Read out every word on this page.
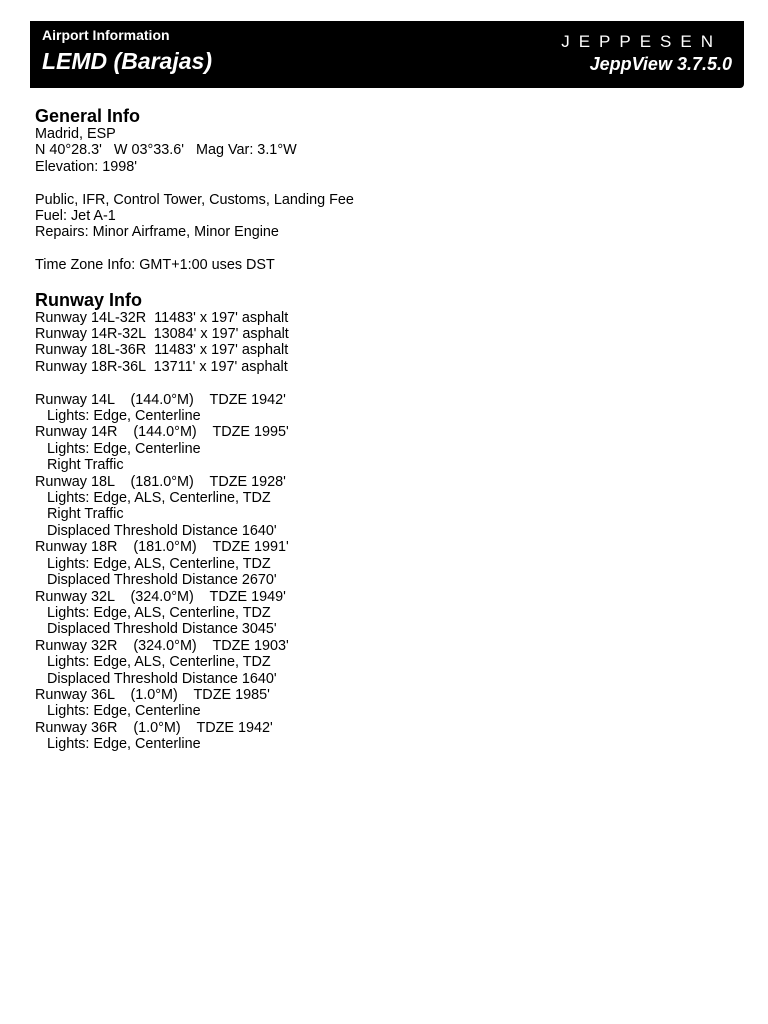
Airport Information
LEMD (Barajas)
JEPPESEN
JeppView 3.7.5.0
General Info
Madrid, ESP
N 40°28.3'   W 03°33.6'   Mag Var: 3.1°W
Elevation: 1998'
Public, IFR, Control Tower, Customs, Landing Fee
Fuel: Jet A-1
Repairs: Minor Airframe, Minor Engine
Time Zone Info: GMT+1:00 uses DST
Runway Info
Runway 14L-32R  11483' x 197' asphalt
Runway 14R-32L  13084' x 197' asphalt
Runway 18L-36R  11483' x 197' asphalt
Runway 18R-36L  13711' x 197' asphalt
Runway 14L    (144.0°M)    TDZE 1942'
Lights: Edge, Centerline
Runway 14R    (144.0°M)    TDZE 1995'
Lights: Edge, Centerline
Right Traffic
Runway 18L    (181.0°M)    TDZE 1928'
Lights: Edge, ALS, Centerline, TDZ
Right Traffic
Displaced Threshold Distance 1640'
Runway 18R    (181.0°M)    TDZE 1991'
Lights: Edge, ALS, Centerline, TDZ
Displaced Threshold Distance 2670'
Runway 32L    (324.0°M)    TDZE 1949'
Lights: Edge, ALS, Centerline, TDZ
Displaced Threshold Distance 3045'
Runway 32R    (324.0°M)    TDZE 1903'
Lights: Edge, ALS, Centerline, TDZ
Displaced Threshold Distance 1640'
Runway 36L    (1.0°M)    TDZE 1985'
Lights: Edge, Centerline
Runway 36R    (1.0°M)    TDZE 1942'
Lights: Edge, Centerline
